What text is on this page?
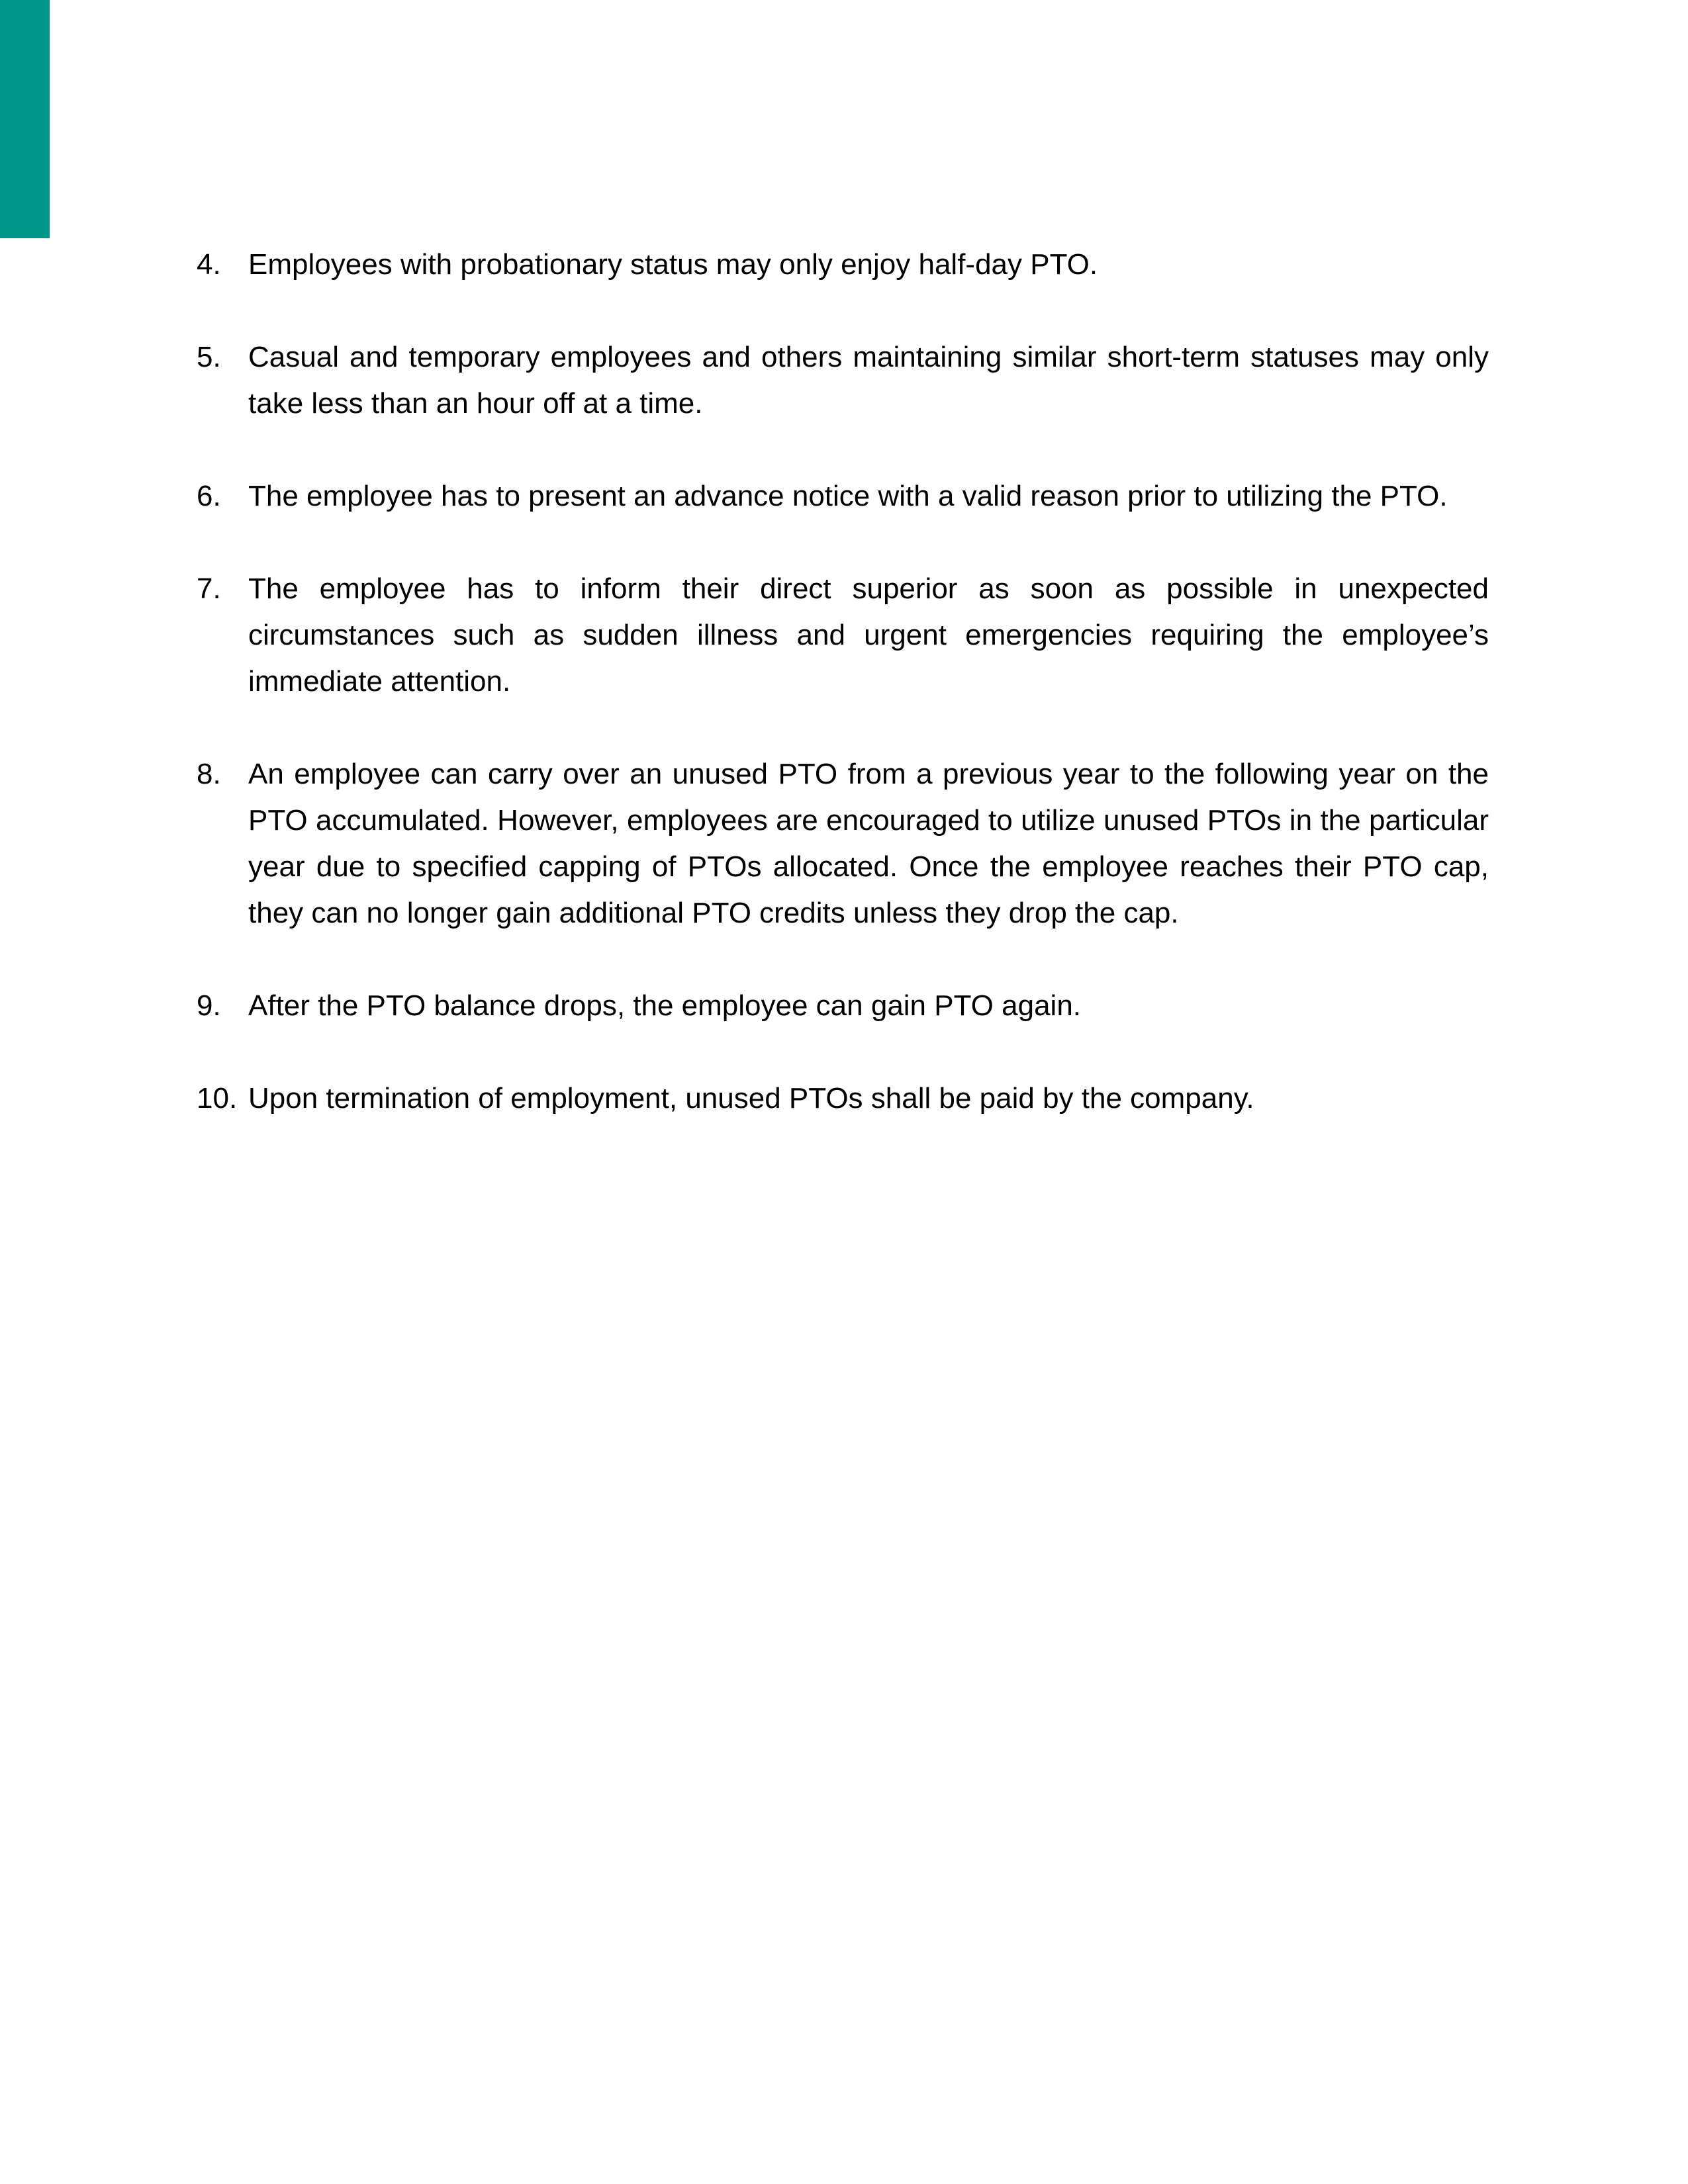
4. Employees with probationary status may only enjoy half-day PTO.
5. Casual and temporary employees and others maintaining similar short-term statuses may only take less than an hour off at a time.
6. The employee has to present an advance notice with a valid reason prior to utilizing the PTO.
7. The employee has to inform their direct superior as soon as possible in unexpected circumstances such as sudden illness and urgent emergencies requiring the employee’s immediate attention.
8. An employee can carry over an unused PTO from a previous year to the following year on the PTO accumulated. However, employees are encouraged to utilize unused PTOs in the particular year due to specified capping of PTOs allocated. Once the employee reaches their PTO cap, they can no longer gain additional PTO credits unless they drop the cap.
9. After the PTO balance drops, the employee can gain PTO again.
10. Upon termination of employment, unused PTOs shall be paid by the company.
